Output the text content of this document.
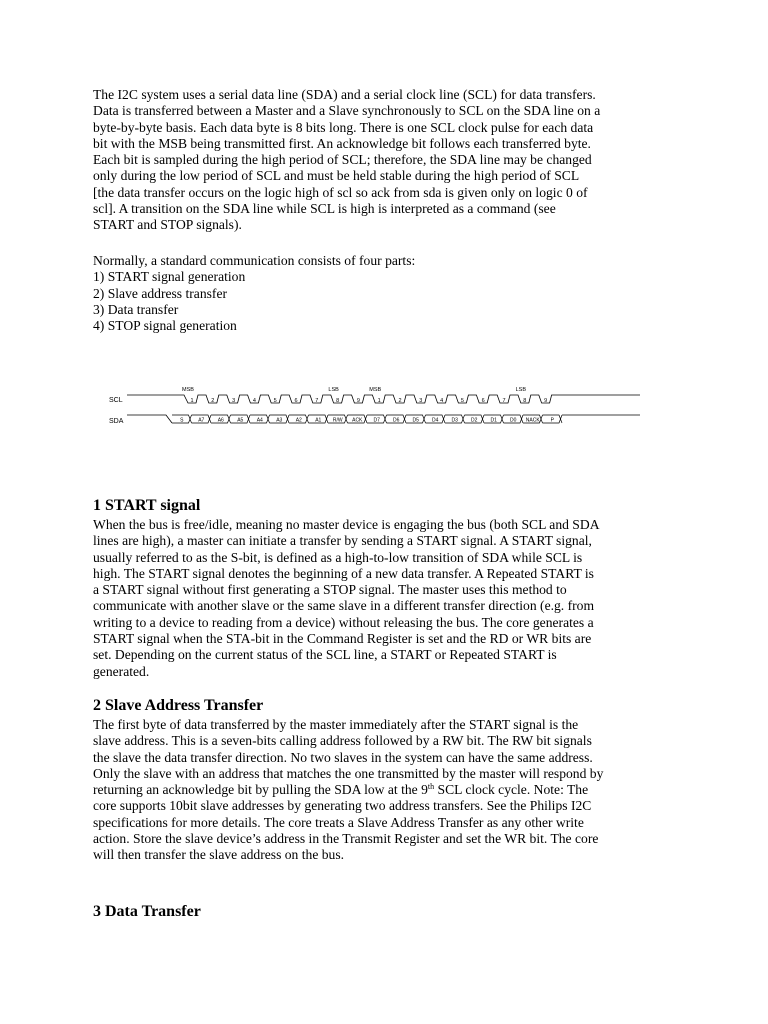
The I2C system uses a serial data line (SDA) and a serial clock line (SCL) for data transfers.
Data is transferred between a Master and a Slave synchronously to SCL on the SDA line on a
byte-by-byte basis. Each data byte is 8 bits long. There is one SCL clock pulse for each data
bit with the MSB being transmitted first. An acknowledge bit follows each transferred byte.
Each bit is sampled during the high period of SCL; therefore, the SDA line may be changed
only during the low period of SCL and must be held stable during the high period of SCL
[the data transfer occurs on the logic high of scl so ack from sda is given only on logic 0 of
scl]. A transition on the SDA line while SCL is high is interpreted as a command (see
START and STOP signals).

Normally, a standard communication consists of four parts:
1) START signal generation
2) Slave address transfer
3) Data transfer
4) STOP signal generation

1 START signal

When the bus is free/idle, meaning no master device is engaging the bus (both SCL and SDA
lines are high), a master can initiate a transfer by sending a START signal. A START signal,
usually referred to as the S-bit, is defined as a high-to-low transition of SDA while SCL is
high. The START signal denotes the beginning of a new data transfer. A Repeated START is
a START signal without first generating a STOP signal. The master uses this method to
communicate with another slave or the same slave in a different transfer direction (e.g. from
writing to a device to reading from a device) without releasing the bus. The core generates a
START signal when the STA-bit in the Command Register is set and the RD or WR bits are
set. Depending on the current status of the SCL line, a START or Repeated START is
generated.

2 Slave Address Transfer

The first byte of data transferred by the master immediately after the START signal is the
slave address. This is a seven-bits calling address followed by a RW bit. The RW bit signals
the slave the data transfer direction. No two slaves in the system can have the same address.
Only the slave with an address that matches the one transmitted by the master will respond by
returning an acknowledge bit by pulling the SDA low at the 9th SCL clock cycle. Note: The
core supports 10bit slave addresses by generating two address transfers. See the Philips I2C
specifications for more details. The core treats a Slave Address Transfer as any other write
action. Store the slave device’s address in the Transmit Register and set the WR bit. The core
will then transfer the slave address on the bus.

3 Data Transfer
SCL
SDA
1	2	3	4	5	6	7	8	9	1	2	3	4	5	6	7	8	9
S	A7	A6	A5	A4	A3	A2	A1 R/W ACK D7	D6	D5	D4	D3	D2	D1	D0 NACK P
MSB	LSB	MSB	LSB
